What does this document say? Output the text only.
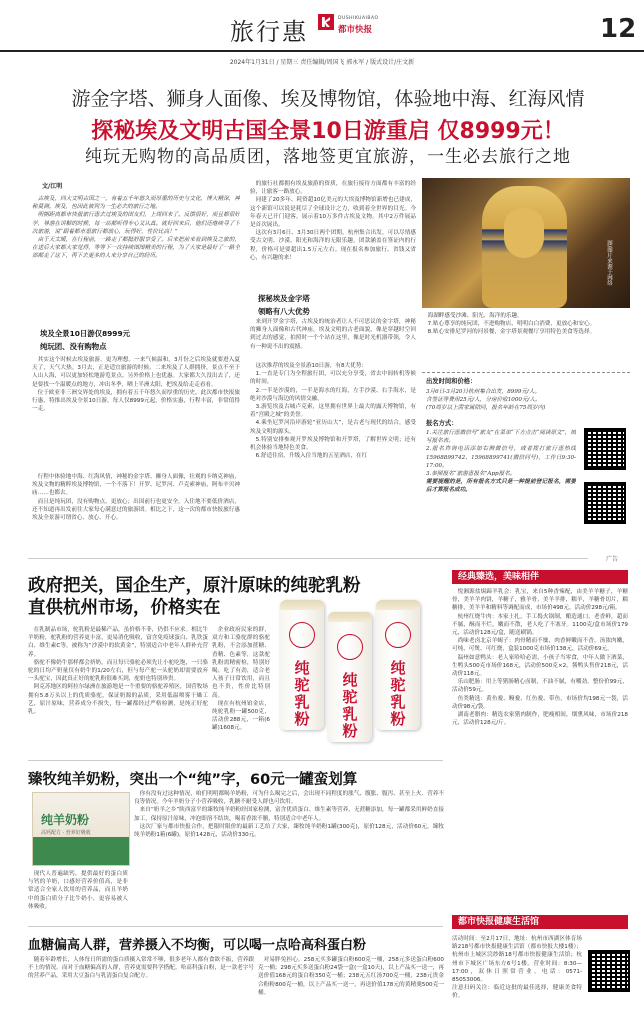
旅行惠	DUSHIKUAIBAO
都市快报	12
2024年1月31日 / 星期三 责任编辑/周国飞 郭永军 / 版式设计/庄文新
游金字塔、狮身人面像、埃及博物馆，体验地中海、红海风情
探秘埃及文明古国全景10日游重启 仅8999元！
纯玩无购物的高品质团，落地签更宜旅游，一生必去旅行之地
文/江明

古埃及，四大文明古国之一，有着五千年悠久而厚重的历史与文化，博大精深，神秘莫测。埃及，也因此被列为一生必去的旅行之地。

明朝距离都市快报旅行惠去过埃及的团友们，上周回来了。反馈很好，而且都很好学，导游在讲解的时候，每一站都听得专心又认真。就好回来后，他们还继续寻了下次旅游，说“跟着都市惠旅行都放心，玩得好，性价比高！”

由于天太暖，在行程前，一路走了都挺舒服享受了。后来把前来看到埃及之旅的，在送后大家都大家觉得，等等下一次持续图图精美的行程，为了大家是最好了一路全部都走了这下，再下去更多的人来分享自己的经历。

埃及全景10日游仅8999元
纯玩团、没有购物点

其实这个时候去埃及旅游，更为理想。一来气候温和，3月份之后埃及就要进入夏天了，天气大热。3月去，正是适宜旅游的时候。二来埃及了人群拥挤，景点不至于人山人海，可以更加轻松地游览景点。另外价格上也优惠。大家都大久没出去了，还是要找一个温暖点的地方，冲出冬季，晒上半洲太阳，把埃及给走走看看。

位于欧亚非三洲交界处的埃及，拥有着五千年悠久而厚重的历史，此次都市快报旅行惠，特推出埃及全景10日游，每人仅8999元起，价格实惠，行程丰富，非常值得一走。

行程中体验地中海、红海风情，神秘的金字塔、狮身人面像，壮观的卡纳克神庙，埃及文物的精粹埃及博物馆，一个不落下！开罗、尼罗河、卢克索神庙，阿布辛贝神庙……也都去。

而且是纯玩团，没有购物点，更放心；出国前行也更安全，入住地不要低价酒店，还不知道再出发前往大家每心满意过的旅游团。相比之下，这一次的都市快报旅行惠埃及全景游可谓省心、放心、开心。

的旅行社都拥有埃及旅游的资质，在旅行接待方面都有丰富的经验，让旅客一路放心。

同建了20多年、耗资超10亿美元的大埃及博物馆新增也已建成，这个新馆可以说是耗尽了全球设计之力，收到着全世界的目光。今年春天已开门迎客，展示着10万多件古埃及文物。其中2万件展品是首次展出。

这次有3月6日、3月30日两个团期，杭州集合出发，可以尽情感受古文明、沙漠、阳光和海洋的无限乐趣。团款涵盖在签证内的行程，价格可是要超出1.5万元左右。现在报名参加旅行，省钱又省心，有兴趣的来！

探秘埃及金字塔
领略有八大优势

来到开罗金字塔，古埃及的统治者让人不可思议的金字塔，神秘的狮身人面像和古代神庙，埃及文明的古老面貌，像是穿越时空回到过去的感觉，拍照时一个个站在这里，像是时光机器带领，令人有一种说不出的震撼。

这次推荐的埃及全景游10日游，有8大优势：

1.一直是专门为全程旅行团，可以充分享受，省去中间转机等候的时间。

2.一半是沙漠的，一半是海水的红海，左手沙漠、右手海水，是绝对沙漠与海边的风情交融。

3.游览埃及古城卢克索，这里拥有世界上最大的露天博物馆，有着“宫殿之城”的美誉。

4.乘坐尼罗河沿岸游轮“亚历山大”，是古老与现代的结合，感受埃及文明的源头。

5.特别安排参观开罗埃及博物馆和开罗塔，了解世界文明；还有机会体验当地特色美食。

6.舒适住宿，升级入住当地的五星酒店，在红

图/图片来源于网络

海湖畔感受沙滩、阳光、海洋的乐趣。

7.贴心尊享的纯玩团，不进购物店，明明白白消费，更放心和安心。

8.贴心安排尼罗河的河景餐，金字塔景观餐厅享用特色美食等选择。

出发时间和价格：
3月6日-3月20日杭州集合出发，8999元/人。
含签证等费用25元/人，分房价收1000元/人。
(70周岁以上需家属陪同，报名年龄在75周岁内)
报名方式：
1.关注旅行惠微信号“旅友”在菜单“下方点击“阅读原文”，填写报名表。
2.报名咨询电话添加右侧微信号，或者拨打旅行惠热线15968899742、15968899741(微信同号)，工作日9:30-17:00。
3.参照报名“旅游惠报名”App报名。
需要提醒的是，所有报名方式只是一种提前登记报名，需要后才算报名成功。
广告
政府把关，国企生产，原汁原味的纯驼乳粉
直供杭州市场，价格实在

在乳制品市场，驼乳粉是最稀产品，虽价格不菲，仍供不应求。相比牛羊奶粉，驼乳粉的营养更丰富，更易消化吸收，富含免疫球蛋白、乳铁蛋白、维生素C等，被称为“沙漠中的软黄金”，特别适合中老年人群补充营养。

骆驼不像奶牛那样都会挤奶，而且每只骆驼必须先让小驼吃饱，一只骆驼的日均产奶量仅有奶牛的1/20左右，但与每产驼一头驼奶却需要放弃一头驼宝，因此真正好的驼乳粉很难买到，驼奶也特别珍贵。

阿克苏地区的阿拉尔绿洲在旅游地是一个重要的骆驼养殖区，国营牧场拥有5.8万头以上的优质骆驼，保证奶源的品质，采用低温喷雾干燥工艺，原汁原味，营养成分不损失，每一罐都经过严格检测，是纯正好驼乳。

企业政府民家的群，双方和工骆驼群的骆驼乳粉，不会添加蔗糖、香精、色素等，这款驼乳粉需精密检，特别好喝，吃了有劲，适合老人孩子日常饮用，而且也不贵，性价比特别高。

现在有杭州铂金店，纯驼乳粉一罐500克，活动价288元，一箱(6罐)1608元。

纯驼乳粉 纯驼乳粉 纯驼乳粉
臻牧纯羊奶粉，突出一个“纯”字，60元一罐蛮划算
纯羊奶粉
高钙配方 · 营养好吸收

现代人普遍缺钙，提供最好的蛋白质与钙的羊奶，口感好营养价值高，是非常适合全家人饮用的营养品，而且羊奶中的蛋白质分子比牛奶小，更容易被人体吸收。

你有没有过这种情况，咱们明明都喝羊奶粉，可为什么喝完之后，会出现不同程度的胀气、腹胀、腹泻、甚至上火、营养不良等情况。今年羊奶分子小营养吸收，乳糖不耐受人群也可饮用。

来自“奶羊之乡”陕西富平的臻牧纯羊奶粉经国家检测，富含优质蛋白、维生素等营养，无蔗糖添加，每一罐都采用鲜奶直接加工，保持原汁原味，冲泡即溶不结块，喝着香浓不膻，特别适合中老年人。

这次厂家与都市快报合作，把限时限价的最新工艺给了大家，臻牧纯羊奶粉1罐(300克)，原价128元，活动价60元。臻牧纯羊奶粉1箱(6罐)，原价1428元，活动价330元。

血糖偏高人群，营养摄入不均衡，可以喝一点哈高科蛋白粉

随着年龄增长，人体每日所需的蛋白质摄入常常不够，很多老年人都有食欲不振，营养跟不上的情况。而对于血糖偏高的人群，营养更需要科学搭配。哈高科蛋白粉，是一款老字号的营养产品，采用大豆蛋白与乳清蛋白复合配方。

对易胖免担心。258元买多罐蛋白粉600克一桶，258元多送蛋白粉600克一桶；298元买多送蛋白粉24袋一盒(一盒10天)，以上产品买一送一，再送价值168元的蛋白粉350克一桶；238元五红汤700克一桶，238元贵金合粉粉800克一桶，以上产品买一送一，再送价值178元的黄精羹500克一桶。

经典臻选，美味相伴

悦湘源盐焗蹄羊乳会：乳宝，来自5种香辣配，由美羊羊糖子，羊糖骨，美羊羊肉饼，羊糖子，雅羊骨，美羊羊排，糯羊，羊糖骨切片，糯糖排，美羊羊和精料等调配而成，市场价498元，活动价298元/箱。

杭州红烧牛肉：本家土扎，手工捣火锅制，酿造通口，老香鲜，超而不腻，酥而不烂，嫩而不散，老人吃了不塞牙。1100克/盒市场价179元，活动价128元/盒，随送刷锅。

尚味老卤北京羊蝎子：肉骨精而不糜，肉香鲜嫩而不香，汤浓肉嫩，可炖、可煲、可红烧，盒装1000克市场价138元，活动价69元。

温州如意鸭头：老人家哈哈必需，小孩子当零食，中年人做下酒菜，生鸭头500克市场价168元，活动价500克×2。酱鸭头售价218元，活动价118元。

乐山肥肠：用上等猪肠精心卤制，不油不腻，有嚼劲，整份价99元，活动价59元。

鱼类精选：黄鱼鲞、鳗鲞、红鱼鲞、带鱼，市场价均198元一袋，活动价98元/袋。

湖南老腊肉：精选农家猪肉制作，肥瘦相间，烟熏风味，市场价218元，活动价128元/斤。

都市快报健康生活馆
活动时间：至2月17日，地址：杭州市西湖区体育场路218号都市快报健康生活馆（都市快报大楼1楼）；杭州市上城区浣纱路18号都市快报健康生活馆；杭州市下城区广场东方6号1楼。营业时间：8:30—17:00，双休日照常营业。电话：0571-85053006。
注意扫码关注：临近这批的最佳选择，健康美食特价。
